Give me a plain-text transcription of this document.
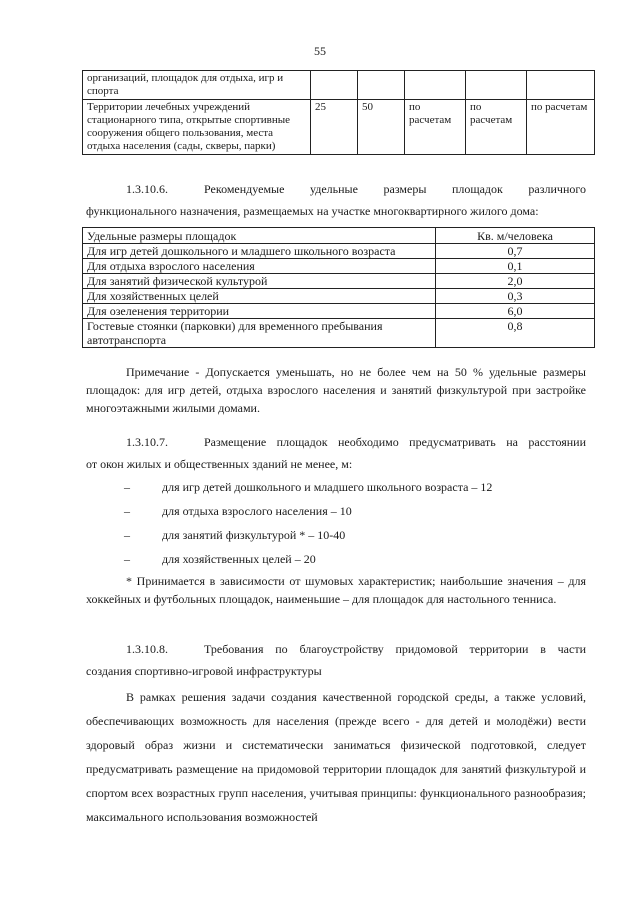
55
организаций, площадок для отдыха, игр и спорта					
Территории лечебных учреждений стационарного типа, открытые спортивные сооружения общего пользования, места отдыха населения (сады, скверы, парки)	25	50	по расчетам	по расчетам	по расчетам
1.3.10.6.	Рекомендуемые удельные размеры площадок различного
функционального назначения, размещаемых на участке многоквартирного жилого дома:
Удельные размеры площадок	Кв. м/человека
Для игр детей дошкольного и младшего школьного возраста	0,7
Для отдыха взрослого населения	0,1
Для занятий физической культурой	2,0
Для хозяйственных целей	0,3
Для озеленения территории	6,0
Гостевые стоянки (парковки) для временного пребывания автотранспорта	0,8
Примечание - Допускается уменьшать, но не более чем на 50 % удельные размеры площадок: для игр детей, отдыха взрослого населения и занятий физкультурой при застройке многоэтажными жилыми домами.
1.3.10.7.	Размещение площадок необходимо предусматривать на расстоянии
от окон жилых и общественных зданий не менее, м:
–	для игр детей дошкольного и младшего школьного возраста – 12
–	для отдыха взрослого населения – 10
–	для занятий физкультурой * – 10-40
–	для хозяйственных целей – 20
* Принимается в зависимости от шумовых характеристик; наибольшие значения – для хоккейных и футбольных площадок, наименьшие – для площадок для настольного тенниса.
1.3.10.8.	Требования по благоустройству придомовой территории в части
создания спортивно-игровой инфраструктуры
В рамках решения задачи создания качественной городской среды, а также условий, обеспечивающих возможность для населения (прежде всего - для детей и молодёжи) вести здоровый образ жизни и систематически заниматься физической подготовкой, следует предусматривать размещение на придомовой территории площадок для занятий физкультурой и спортом всех возрастных групп населения, учитывая принципы: функционального разнообразия; максимального использования возможностей
